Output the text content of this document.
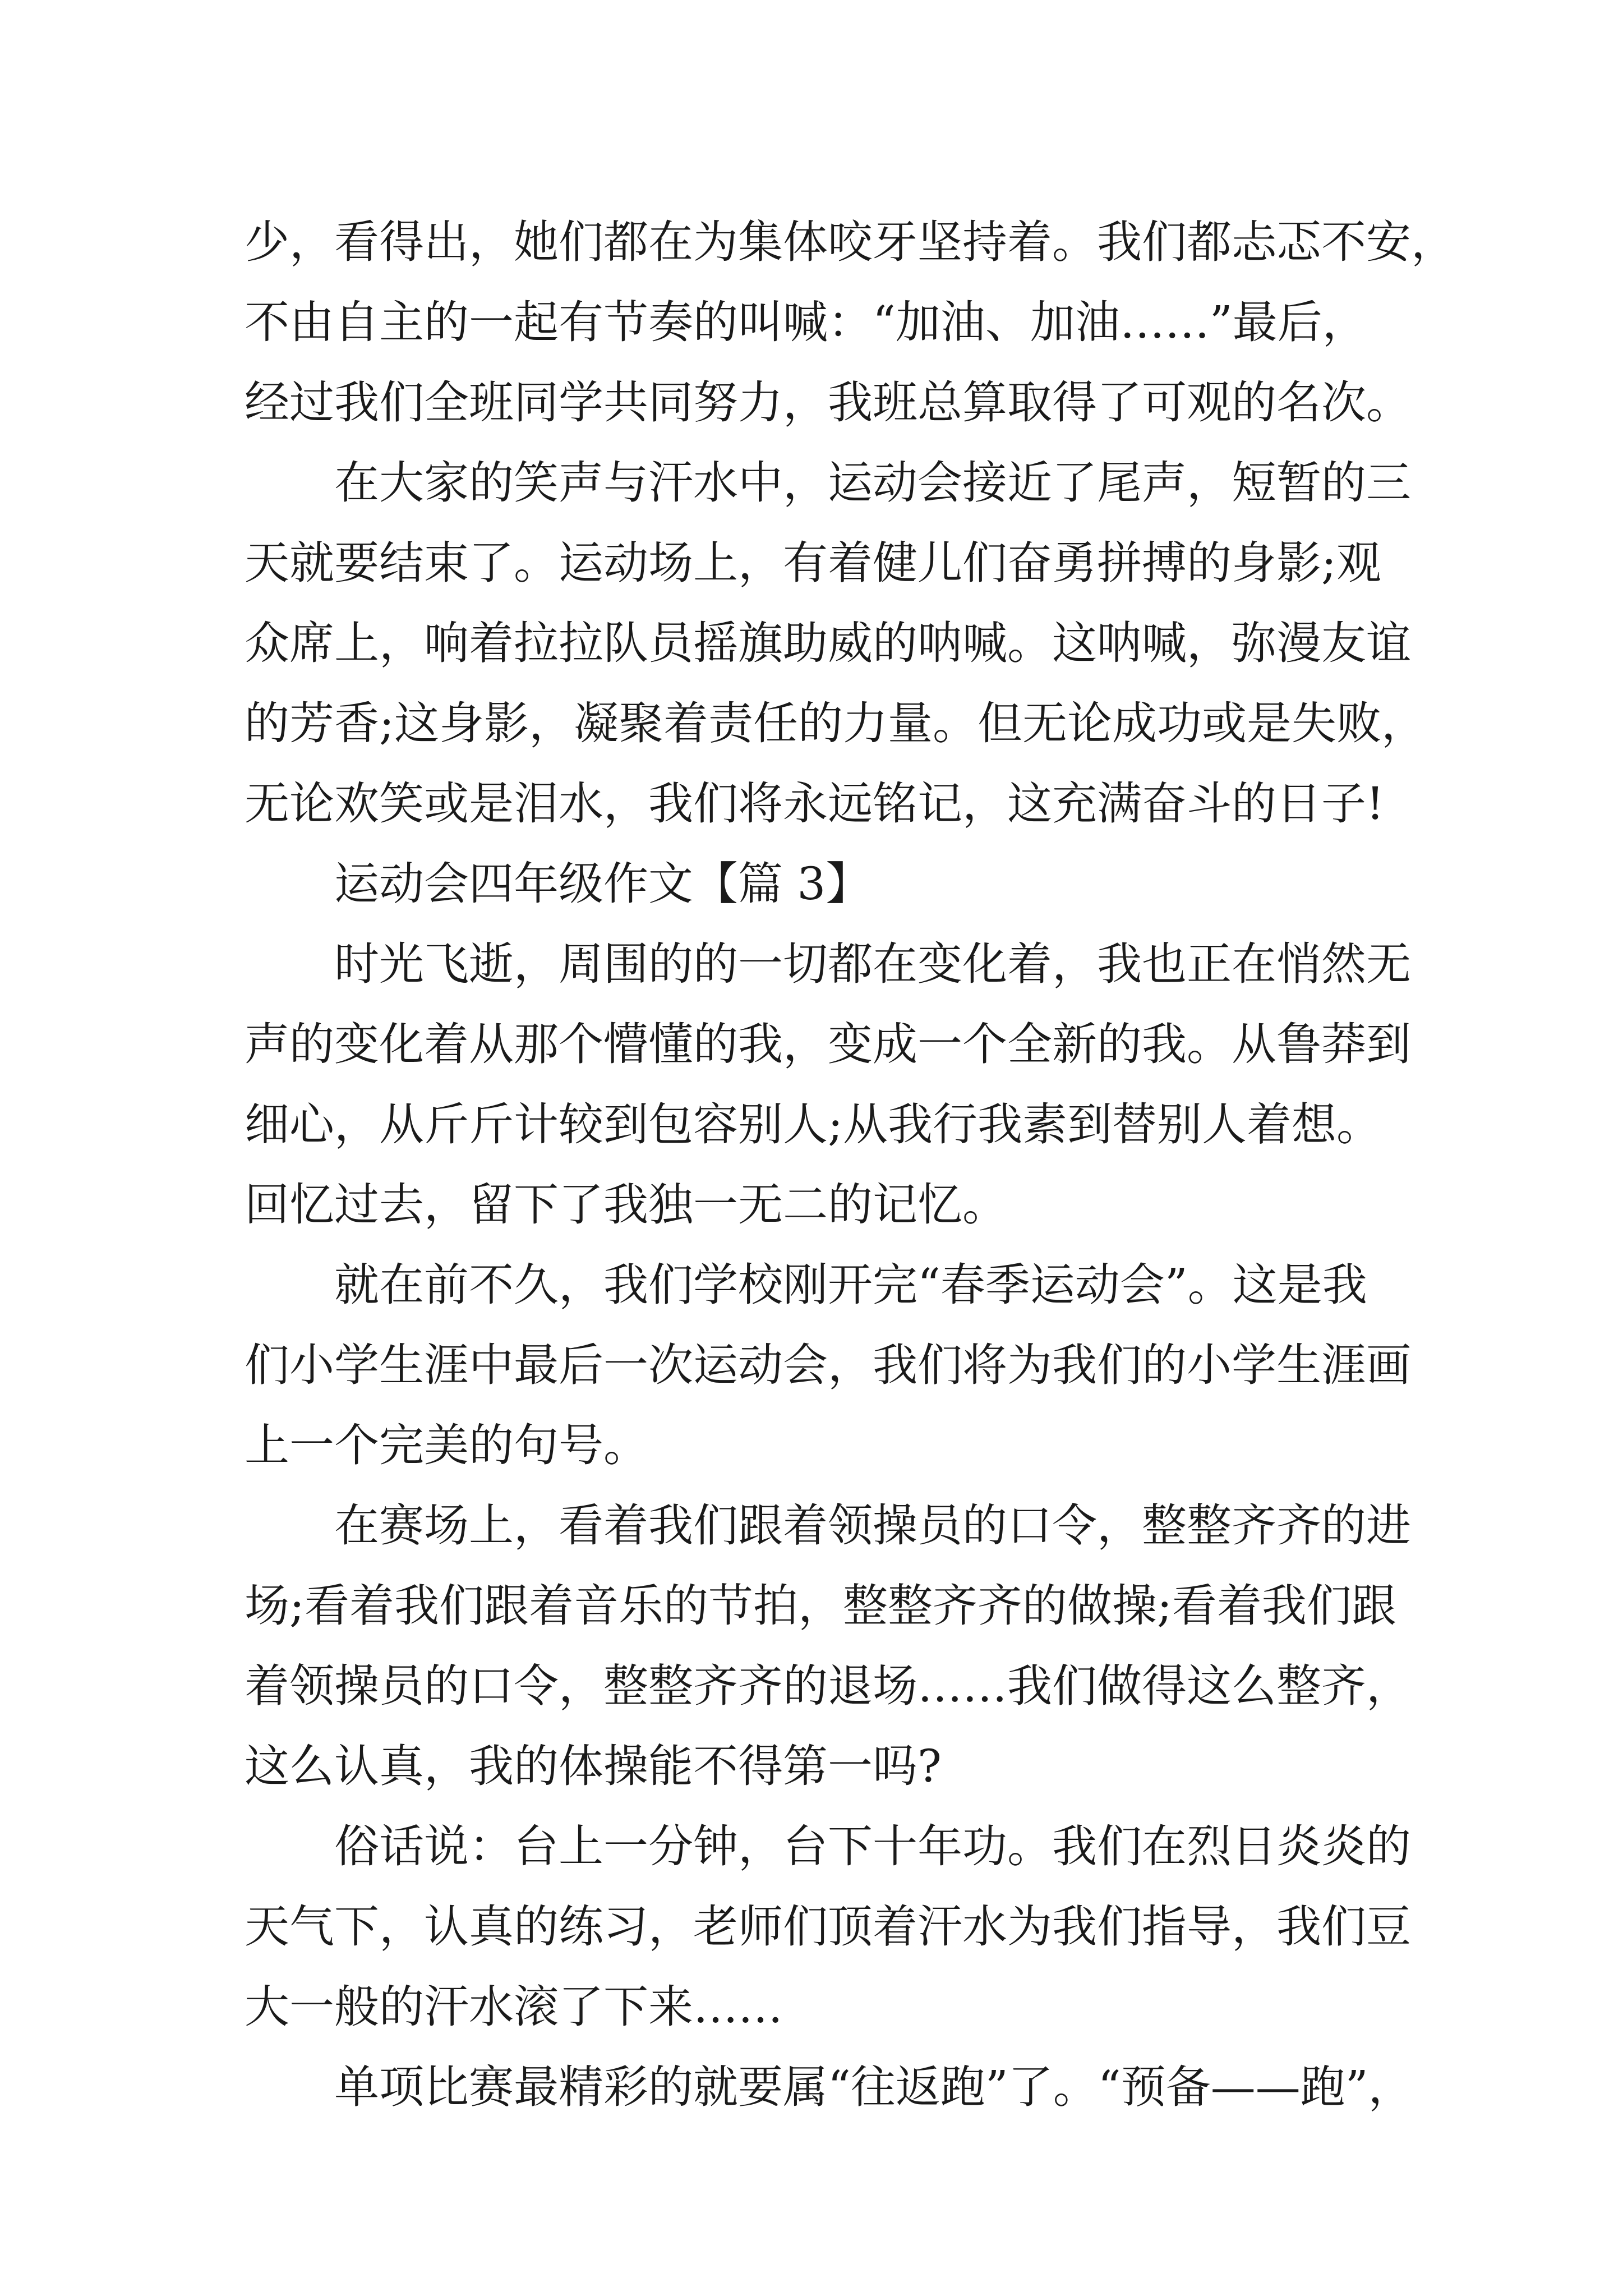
少，看得出，她们都在为集体咬牙坚持着。我们都忐忑不安，
不由自主的一起有节奏的叫喊：“加油、加油……”最后，
经过我们全班同学共同努力，我班总算取得了可观的名次。
在大家的笑声与汗水中，运动会接近了尾声，短暂的三
天就要结束了。运动场上，有着健儿们奋勇拼搏的身影;观
众席上，响着拉拉队员摇旗助威的呐喊。这呐喊，弥漫友谊
的芳香;这身影，凝聚着责任的力量。但无论成功或是失败，
无论欢笑或是泪水，我们将永远铭记，这充满奋斗的日子!
运动会四年级作文【篇 3】
时光飞逝，周围的的一切都在变化着，我也正在悄然无
声的变化着从那个懵懂的我，变成一个全新的我。从鲁莽到
细心，从斤斤计较到包容别人;从我行我素到替别人着想。
回忆过去，留下了我独一无二的记忆。
就在前不久，我们学校刚开完“春季运动会”。这是我
们小学生涯中最后一次运动会，我们将为我们的小学生涯画
上一个完美的句号。
在赛场上，看着我们跟着领操员的口令，整整齐齐的进
场;看着我们跟着音乐的节拍，整整齐齐的做操;看着我们跟
着领操员的口令，整整齐齐的退场……我们做得这么整齐，
这么认真，我的体操能不得第一吗?
俗话说：台上一分钟，台下十年功。我们在烈日炎炎的
天气下，认真的练习，老师们顶着汗水为我们指导，我们豆
大一般的汗水滚了下来……
单项比赛最精彩的就要属“往返跑”了。“预备——跑”，
